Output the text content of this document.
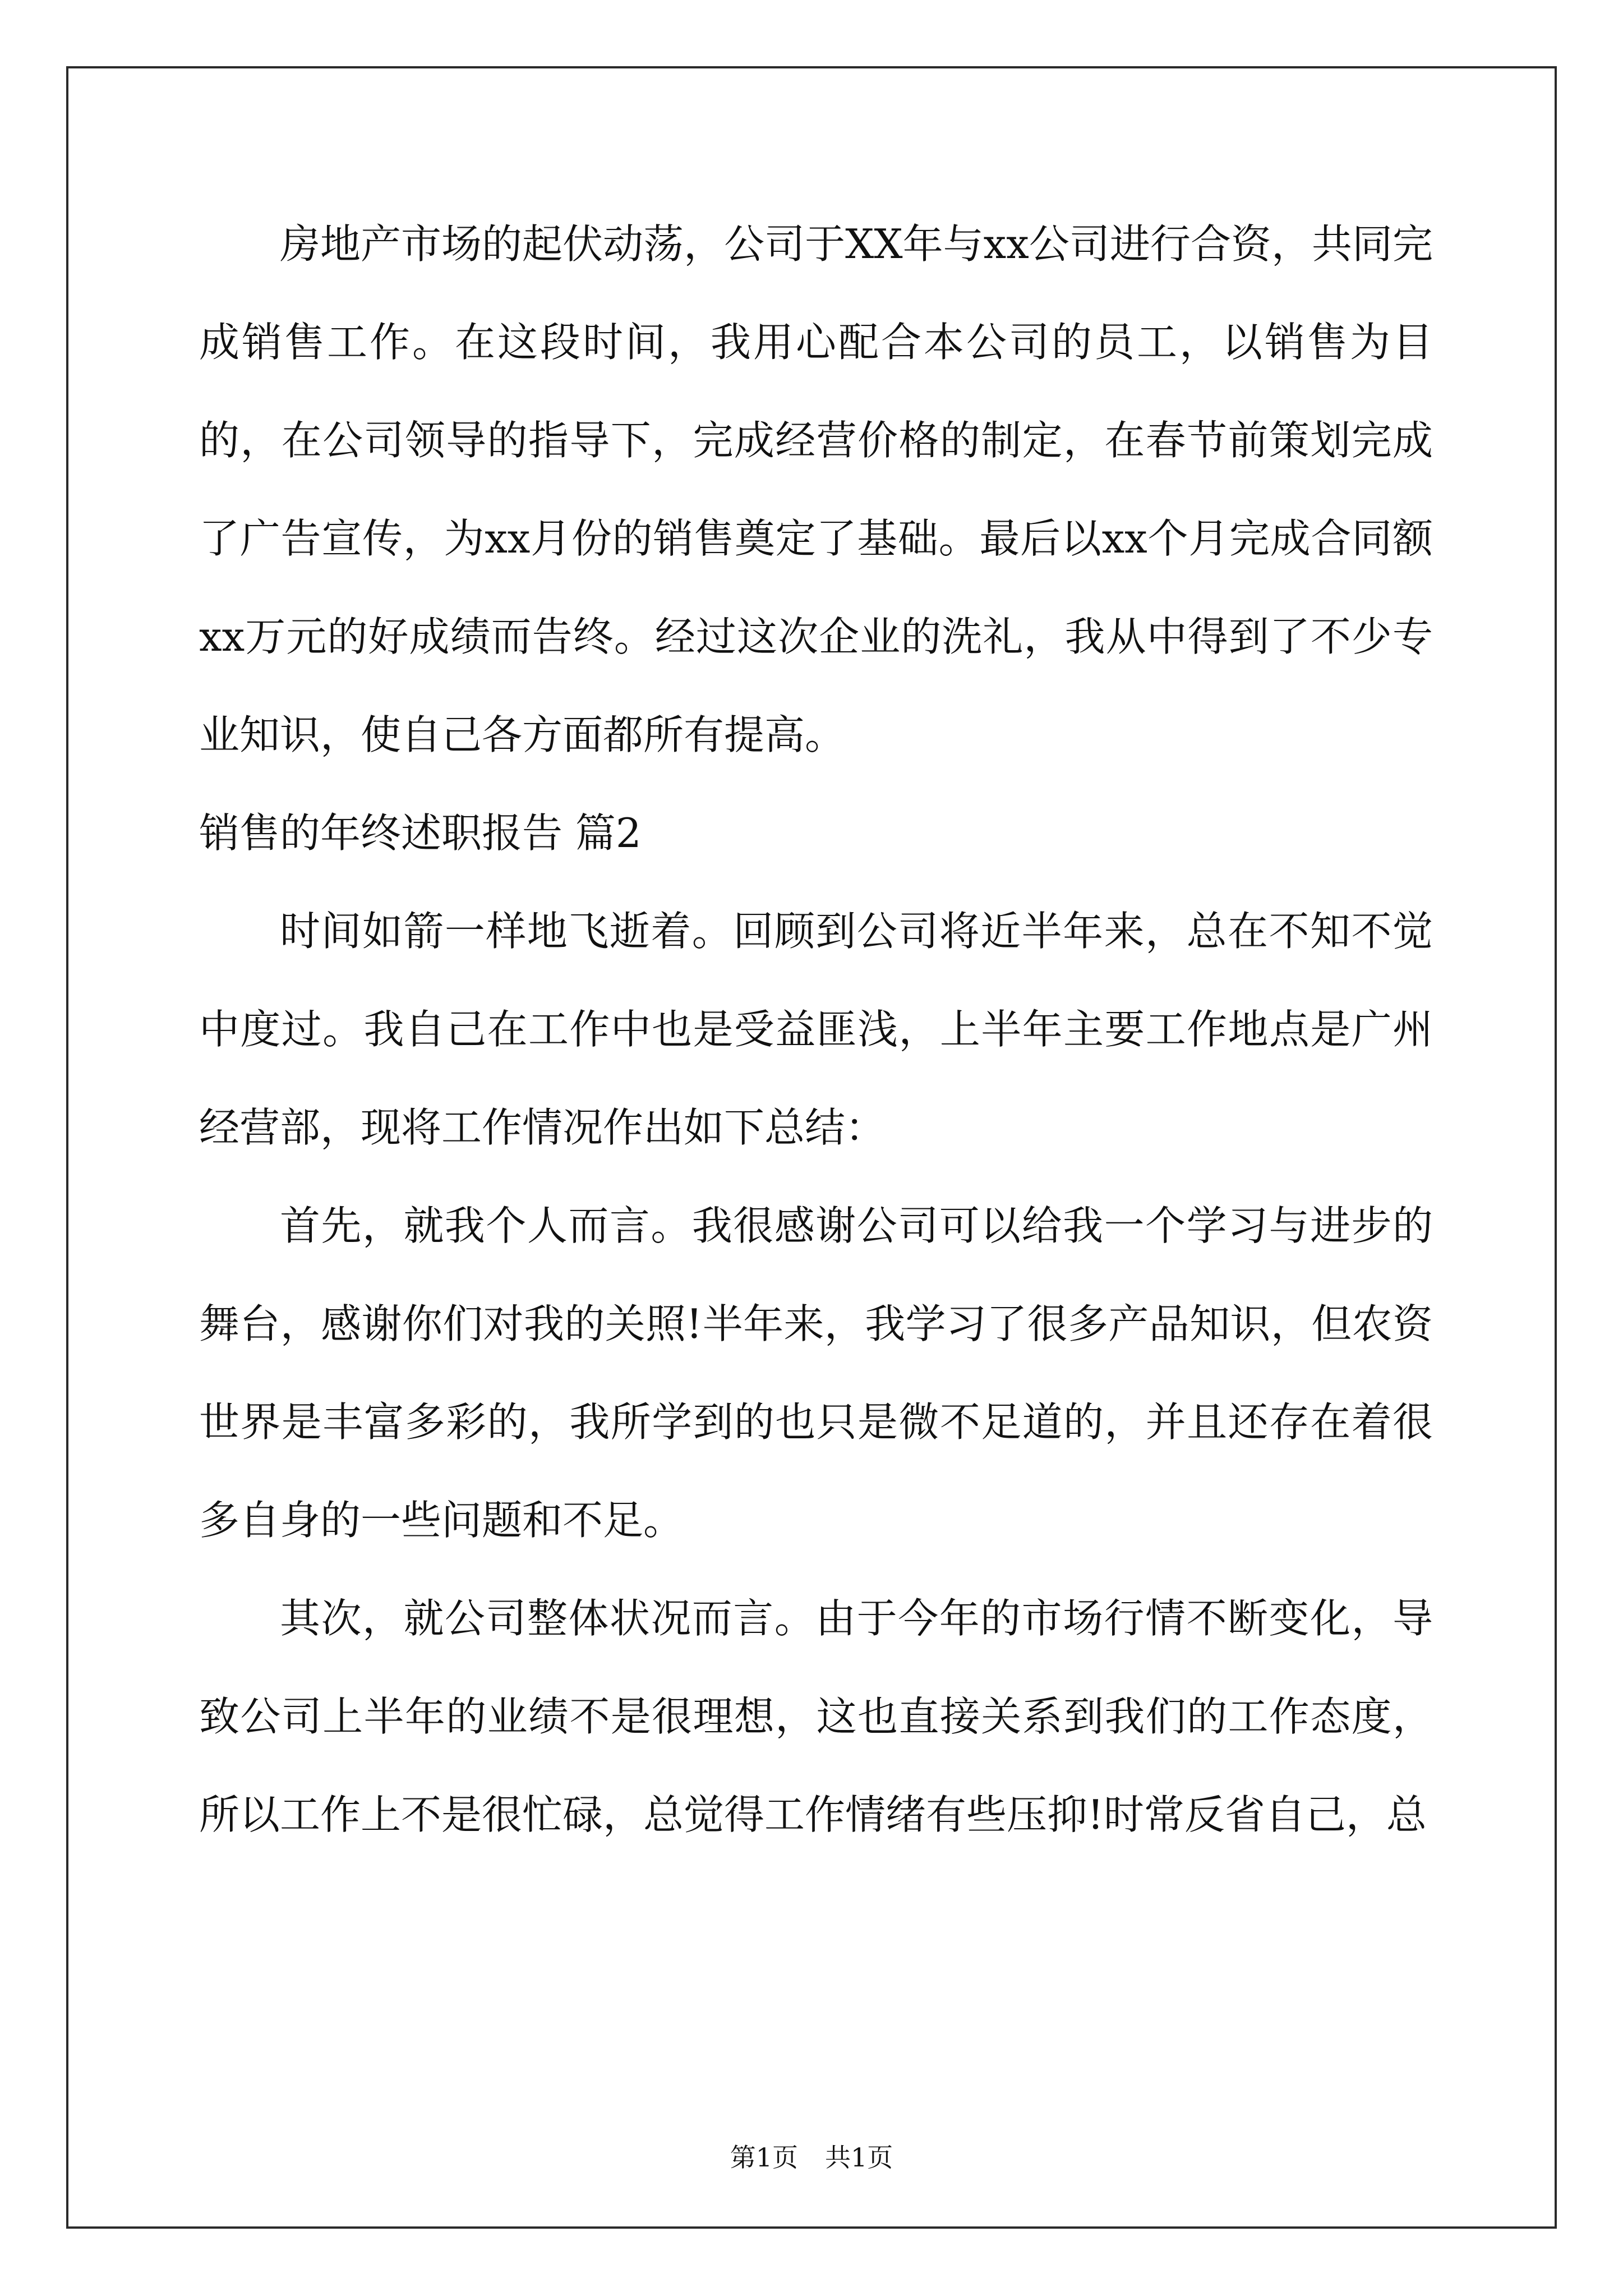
房地产市场的起伏动荡，公司于XX年与xx公司进行合资，共同完成销售工作。在这段时间，我用心配合本公司的员工，以销售为目的，在公司领导的指导下，完成经营价格的制定，在春节前策划完成了广告宣传，为xx月份的销售奠定了基础。最后以xx个月完成合同额xx万元的好成绩而告终。经过这次企业的洗礼，我从中得到了不少专业知识，使自己各方面都所有提高。

销售的年终述职报告 篇2

时间如箭一样地飞逝着。回顾到公司将近半年来，总在不知不觉中度过。我自己在工作中也是受益匪浅，上半年主要工作地点是广州经营部，现将工作情况作出如下总结：

首先，就我个人而言。我很感谢公司可以给我一个学习与进步的舞台，感谢你们对我的关照!半年来，我学习了很多产品知识，但农资世界是丰富多彩的，我所学到的也只是微不足道的，并且还存在着很多自身的一些问题和不足。

其次，就公司整体状况而言。由于今年的市场行情不断变化，导致公司上半年的业绩不是很理想，这也直接关系到我们的工作态度，所以工作上不是很忙碌，总觉得工作情绪有些压抑!时常反省自己，总

第1页 共1页
